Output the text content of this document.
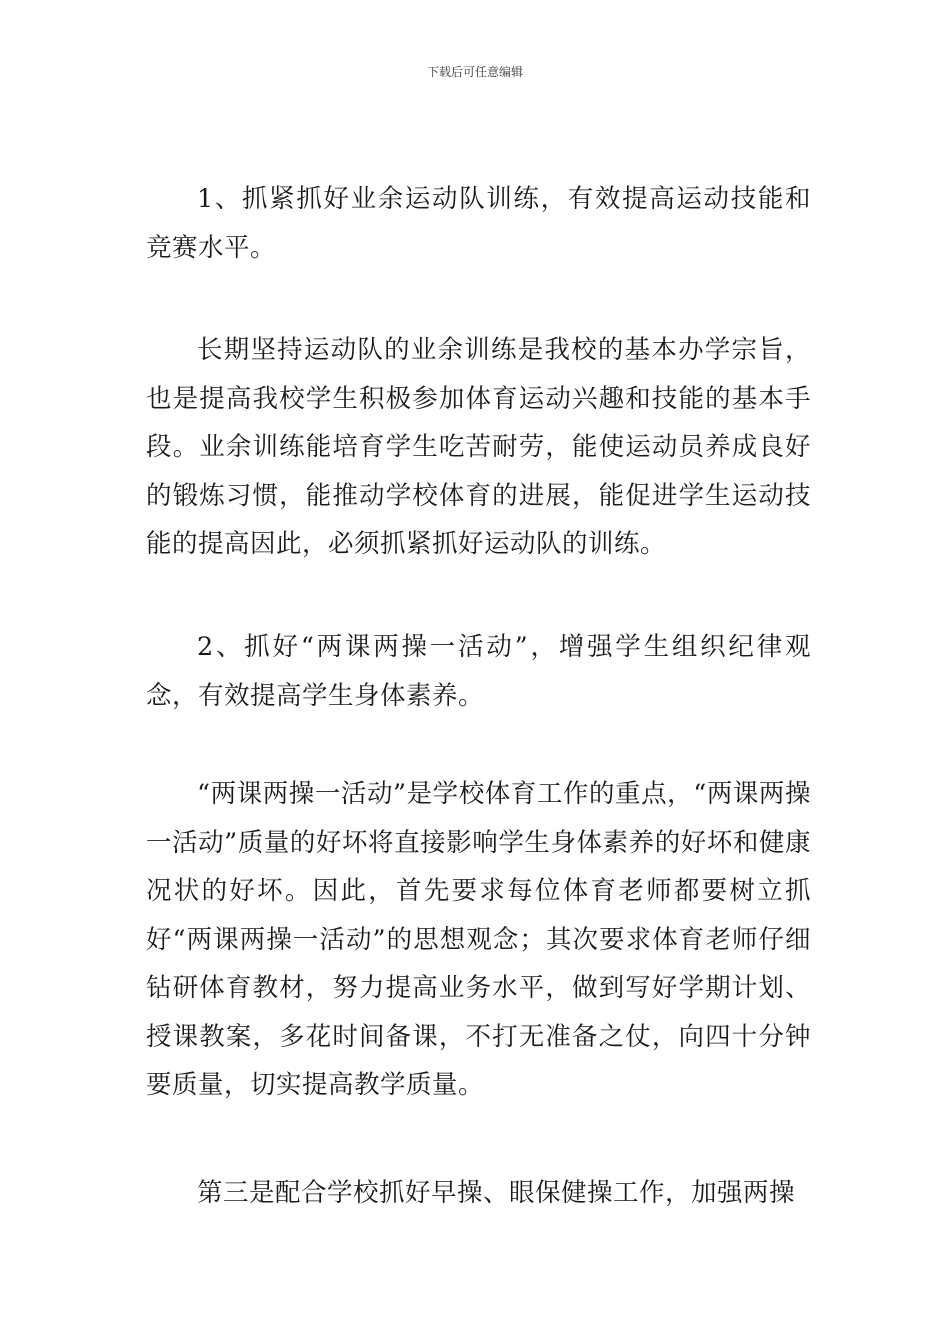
下载后可任意编辑

1、抓紧抓好业余运动队训练，有效提高运动技能和竞赛水平。

长期坚持运动队的业余训练是我校的基本办学宗旨，也是提高我校学生积极参加体育运动兴趣和技能的基本手段。业余训练能培育学生吃苦耐劳，能使运动员养成良好的锻炼习惯，能推动学校体育的进展，能促进学生运动技能的提高因此，必须抓紧抓好运动队的训练。

2、抓好“两课两操一活动”，增强学生组织纪律观念，有效提高学生身体素养。

“两课两操一活动”是学校体育工作的重点，“两课两操一活动”质量的好坏将直接影响学生身体素养的好坏和健康况状的好坏。因此，首先要求每位体育老师都要树立抓好“两课两操一活动”的思想观念；其次要求体育老师仔细钻研体育教材，努力提高业务水平，做到写好学期计划、授课教案，多花时间备课，不打无准备之仗，向四十分钟要质量，切实提高教学质量。

第三是配合学校抓好早操、眼保健操工作，加强两操
